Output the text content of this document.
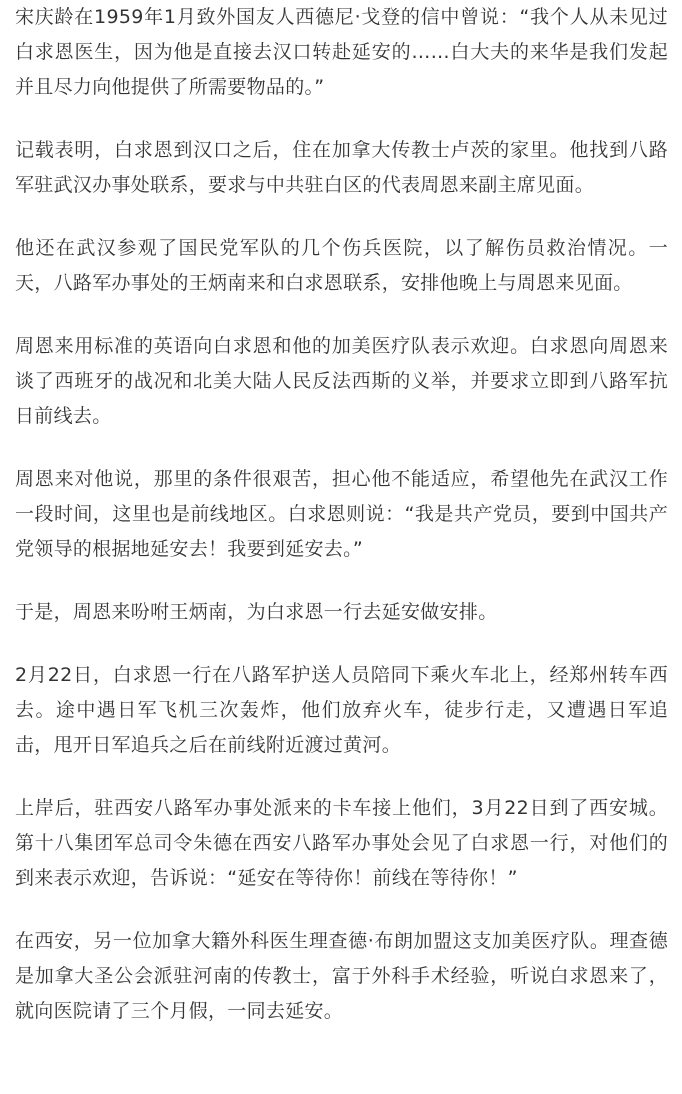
宋庆龄在1959年1月致外国友人西德尼·戈登的信中曾说：“我个人从未见过白求恩医生，因为他是直接去汉口转赴延安的……白大夫的来华是我们发起并且尽力向他提供了所需要物品的。”

记载表明，白求恩到汉口之后，住在加拿大传教士卢茨的家里。他找到八路军驻武汉办事处联系，要求与中共驻白区的代表周恩来副主席见面。

他还在武汉参观了国民党军队的几个伤兵医院，以了解伤员救治情况。一天，八路军办事处的王炳南来和白求恩联系，安排他晚上与周恩来见面。

周恩来用标准的英语向白求恩和他的加美医疗队表示欢迎。白求恩向周恩来谈了西班牙的战况和北美大陆人民反法西斯的义举，并要求立即到八路军抗日前线去。

周恩来对他说，那里的条件很艰苦，担心他不能适应，希望他先在武汉工作一段时间，这里也是前线地区。白求恩则说：“我是共产党员，要到中国共产党领导的根据地延安去！我要到延安去。”

于是，周恩来吩咐王炳南，为白求恩一行去延安做安排。

2月22日，白求恩一行在八路军护送人员陪同下乘火车北上，经郑州转车西去。途中遇日军飞机三次轰炸，他们放弃火车，徒步行走，又遭遇日军追击，甩开日军追兵之后在前线附近渡过黄河。

上岸后，驻西安八路军办事处派来的卡车接上他们，3月22日到了西安城。第十八集团军总司令朱德在西安八路军办事处会见了白求恩一行，对他们的到来表示欢迎，告诉说：“延安在等待你！前线在等待你！”

在西安，另一位加拿大籍外科医生理查德·布朗加盟这支加美医疗队。理查德是加拿大圣公会派驻河南的传教士，富于外科手术经验，听说白求恩来了，就向医院请了三个月假，一同去延安。
